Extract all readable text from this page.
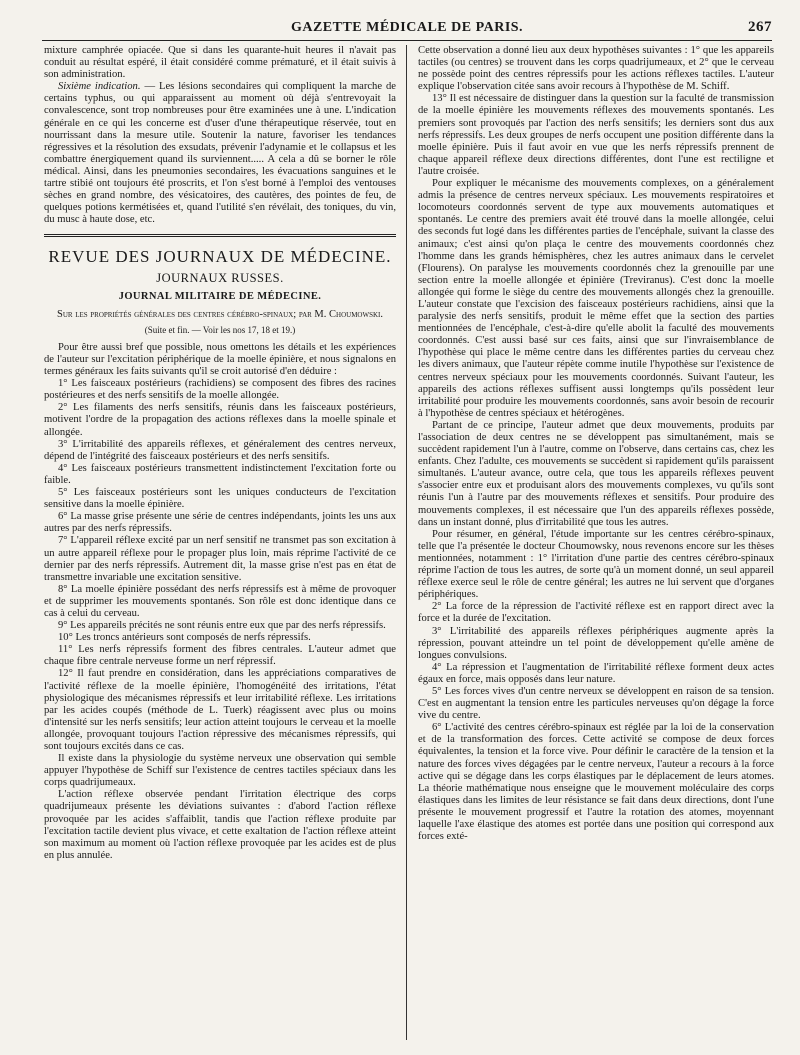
GAZETTE MÉDICALE DE PARIS.	267

mixture camphrée opiacée. Que si dans les quarante-huit heures il n'avait pas conduit au résultat espéré, il était considéré comme prématuré, et il était suivis à son administration.

Sixième indication. — Les lésions secondaires qui compliquent la marche de certains typhus, ou qui apparaissent au moment où déjà s'entrevoyait la convalescence, sont trop nombreuses pour être examinées une à une. L'indication générale en ce qui les concerne est d'user d'une thérapeutique réservée, tout en nourrissant dans la mesure utile. Soutenir la nature, favoriser les tendances régressives et la résolution des exsudats, prévenir l'adynamie et le collapsus et les combattre énergiquement quand ils surviennent..... A cela a dû se borner le rôle médical. Ainsi, dans les pneumonies secondaires, les évacuations sanguines et le tartre stibié ont toujours été proscrits, et l'on s'est borné à l'emploi des ventouses sèches en grand nombre, des vésicatoires, des cautères, des pointes de feu, de quelques potions kermétisées et, quand l'utilité s'en révélait, des toniques, du vin, du musc à haute dose, etc.

REVUE DES JOURNAUX DE MÉDECINE.
JOURNAUX RUSSES.
JOURNAL MILITAIRE DE MÉDECINE.
Sur les propriétés générales des centres cérébro-spinaux; par M. Choumowski.
(Suite et fin. — Voir les nos 17, 18 et 19.)

Pour être aussi bref que possible, nous omettons les détails et les expériences de l'auteur sur l'excitation périphérique de la moelle épinière, et nous signalons en termes généraux les faits suivants qu'il se croit autorisé d'en déduire :

1° Les faisceaux postérieurs (rachidiens) se composent des fibres des racines postérieures et des nerfs sensitifs de la moelle allongée.

2° Les filaments des nerfs sensitifs, réunis dans les faisceaux postérieurs, motivent l'ordre de la propagation des actions réflexes dans la moelle spinale et allongée.

3° L'irritabilité des appareils réflexes, et généralement des centres nerveux, dépend de l'intégrité des faisceaux postérieurs et des nerfs sensitifs.

4° Les faisceaux postérieurs transmettent indistinctement l'excitation forte ou faible.

5° Les faisceaux postérieurs sont les uniques conducteurs de l'excitation sensitive dans la moelle épinière.

6° La masse grise présente une série de centres indépendants, joints les uns aux autres par des nerfs répressifs.

7° L'appareil réflexe excité par un nerf sensitif ne transmet pas son excitation à un autre appareil réflexe pour le propager plus loin, mais réprime l'activité de ce dernier par des nerfs répressifs. Autrement dit, la masse grise n'est pas en état de transmettre invariable une excitation sensitive.

8° La moelle épinière possédant des nerfs répressifs est à même de provoquer et de supprimer les mouvements spontanés. Son rôle est donc identique dans ce cas à celui du cerveau.

9° Les appareils précités ne sont réunis entre eux que par des nerfs répressifs.

10° Les troncs antérieurs sont composés de nerfs répressifs.

11° Les nerfs répressifs forment des fibres centrales. L'auteur admet que chaque fibre centrale nerveuse forme un nerf répressif.

12° Il faut prendre en considération, dans les appréciations comparatives de l'activité réflexe de la moelle épinière, l'homogénéité des irritations, l'état physiologique des mécanismes répressifs et leur irritabilité réflexe. Les irritations par les acides coupés (méthode de L. Tuerk) réagissent avec plus ou moins d'intensité sur les nerfs sensitifs; leur action atteint toujours le cerveau et la moelle allongée, provoquant toujours l'action répressive des mécanismes répressifs, qui sont toujours excités dans ce cas.

Il existe dans la physiologie du système nerveux une observation qui semble appuyer l'hypothèse de Schiff sur l'existence de centres tactiles spéciaux dans les corps quadrijumeaux.

L'action réflexe observée pendant l'irritation électrique des corps quadrijumeaux présente les déviations suivantes : d'abord l'action réflexe provoquée par les acides s'affaiblit, tandis que l'action réflexe produite par l'excitation tactile devient plus vivace, et cette exaltation de l'action réflexe atteint son maximum au moment où l'action réflexe provoquée par les acides est de plus en plus annulée.

Cette observation a donné lieu aux deux hypothèses suivantes : 1° que les appareils tactiles (ou centres) se trouvent dans les corps quadrijumeaux, et 2° que le cerveau ne possède point des centres répressifs pour les actions réflexes tactiles. L'auteur explique l'observation citée sans avoir recours à l'hypothèse de M. Schiff.

13° Il est nécessaire de distinguer dans la question sur la faculté de transmission de la moelle épinière les mouvements réflexes des mouvements spontanés. Les premiers sont provoqués par l'action des nerfs sensitifs; les derniers sont dus aux nerfs répressifs. Les deux groupes de nerfs occupent une position différente dans la moelle épinière. Puis il faut avoir en vue que les nerfs répressifs prennent de chaque appareil réflexe deux directions différentes, dont l'une est rectiligne et l'autre croisée.

Pour expliquer le mécanisme des mouvements complexes, on a généralement admis la présence de centres nerveux spéciaux. Les mouvements respiratoires et locomoteurs coordonnés servent de type aux mouvements automatiques et spontanés. Le centre des premiers avait été trouvé dans la moelle allongée, celui des seconds fut logé dans les différentes parties de l'encéphale, suivant la classe des animaux; c'est ainsi qu'on plaça le centre des mouvements coordonnés chez l'homme dans les grands hémisphères, chez les autres animaux dans le cervelet (Flourens). On paralyse les mouvements coordonnés chez la grenouille par une section entre la moelle allongée et épinière (Treviranus). C'est donc la moelle allongée qui forme le siège du centre des mouvements allongés chez la grenouille. L'auteur constate que l'excision des faisceaux postérieurs rachidiens, ainsi que la paralysie des nerfs sensitifs, produit le même effet que la section des parties mentionnées de l'encéphale, c'est-à-dire qu'elle abolit la faculté des mouvements coordonnés. C'est aussi basé sur ces faits, ainsi que sur l'invraisemblance de l'hypothèse qui place le même centre dans les différentes parties du cerveau chez les divers animaux, que l'auteur répète comme inutile l'hypothèse sur l'existence de centres nerveux spéciaux pour les mouvements coordonnés. Suivant l'auteur, les appareils des actions réflexes suffisent aussi longtemps qu'ils possèdent leur irritabilité pour produire les mouvements coordonnés, sans avoir besoin de recourir à l'hypothèse de centres spéciaux et hétérogènes.

Partant de ce principe, l'auteur admet que deux mouvements, produits par l'association de deux centres ne se développent pas simultanément, mais se succèdent rapidement l'un à l'autre, comme on l'observe, dans certains cas, chez les enfants. Chez l'adulte, ces mouvements se succèdent si rapidement qu'ils paraissent simultanés. L'auteur avance, outre cela, que tous les appareils réflexes peuvent s'associer entre eux et produisant alors des mouvements complexes, vu qu'ils sont réunis l'un à l'autre par des mouvements réflexes et sensitifs. Pour produire des mouvements complexes, il est nécessaire que l'un des appareils réflexes possède, dans un instant donné, plus d'irritabilité que tous les autres.

Pour résumer, en général, l'étude importante sur les centres cérébro-spinaux, telle que l'a présentée le docteur Choumowsky, nous revenons encore sur les thèses mentionnées, notamment : 1° l'irritation d'une partie des centres cérébro-spinaux réprime l'action de tous les autres, de sorte qu'à un moment donné, un seul appareil réflexe exerce seul le rôle de centre général; les autres ne lui servent que d'organes périphériques.

2° La force de la répression de l'activité réflexe est en rapport direct avec la force et la durée de l'excitation.

3° L'irritabilité des appareils réflexes périphériques augmente après la répression, pouvant atteindre un tel point de développement qu'elle amène de longues convulsions.

4° La répression et l'augmentation de l'irritabilité réflexe forment deux actes égaux en force, mais opposés dans leur nature.

5° Les forces vives d'un centre nerveux se développent en raison de sa tension. C'est en augmentant la tension entre les particules nerveuses qu'on dégage la force vive du centre.

6° L'activité des centres cérébro-spinaux est réglée par la loi de la conservation et de la transformation des forces. Cette activité se compose de deux forces équivalentes, la tension et la force vive. Pour définir le caractère de la tension et la nature des forces vives dégagées par le centre nerveux, l'auteur a recours à la force active qui se dégage dans les corps élastiques par le déplacement de leurs atomes. La théorie mathématique nous enseigne que le mouvement moléculaire des corps élastiques dans les limites de leur résistance se fait dans deux directions, dont l'une présente le mouvement progressif et l'autre la rotation des atomes, moyennant laquelle l'axe élastique des atomes est portée dans une position qui correspond aux forces exté-
